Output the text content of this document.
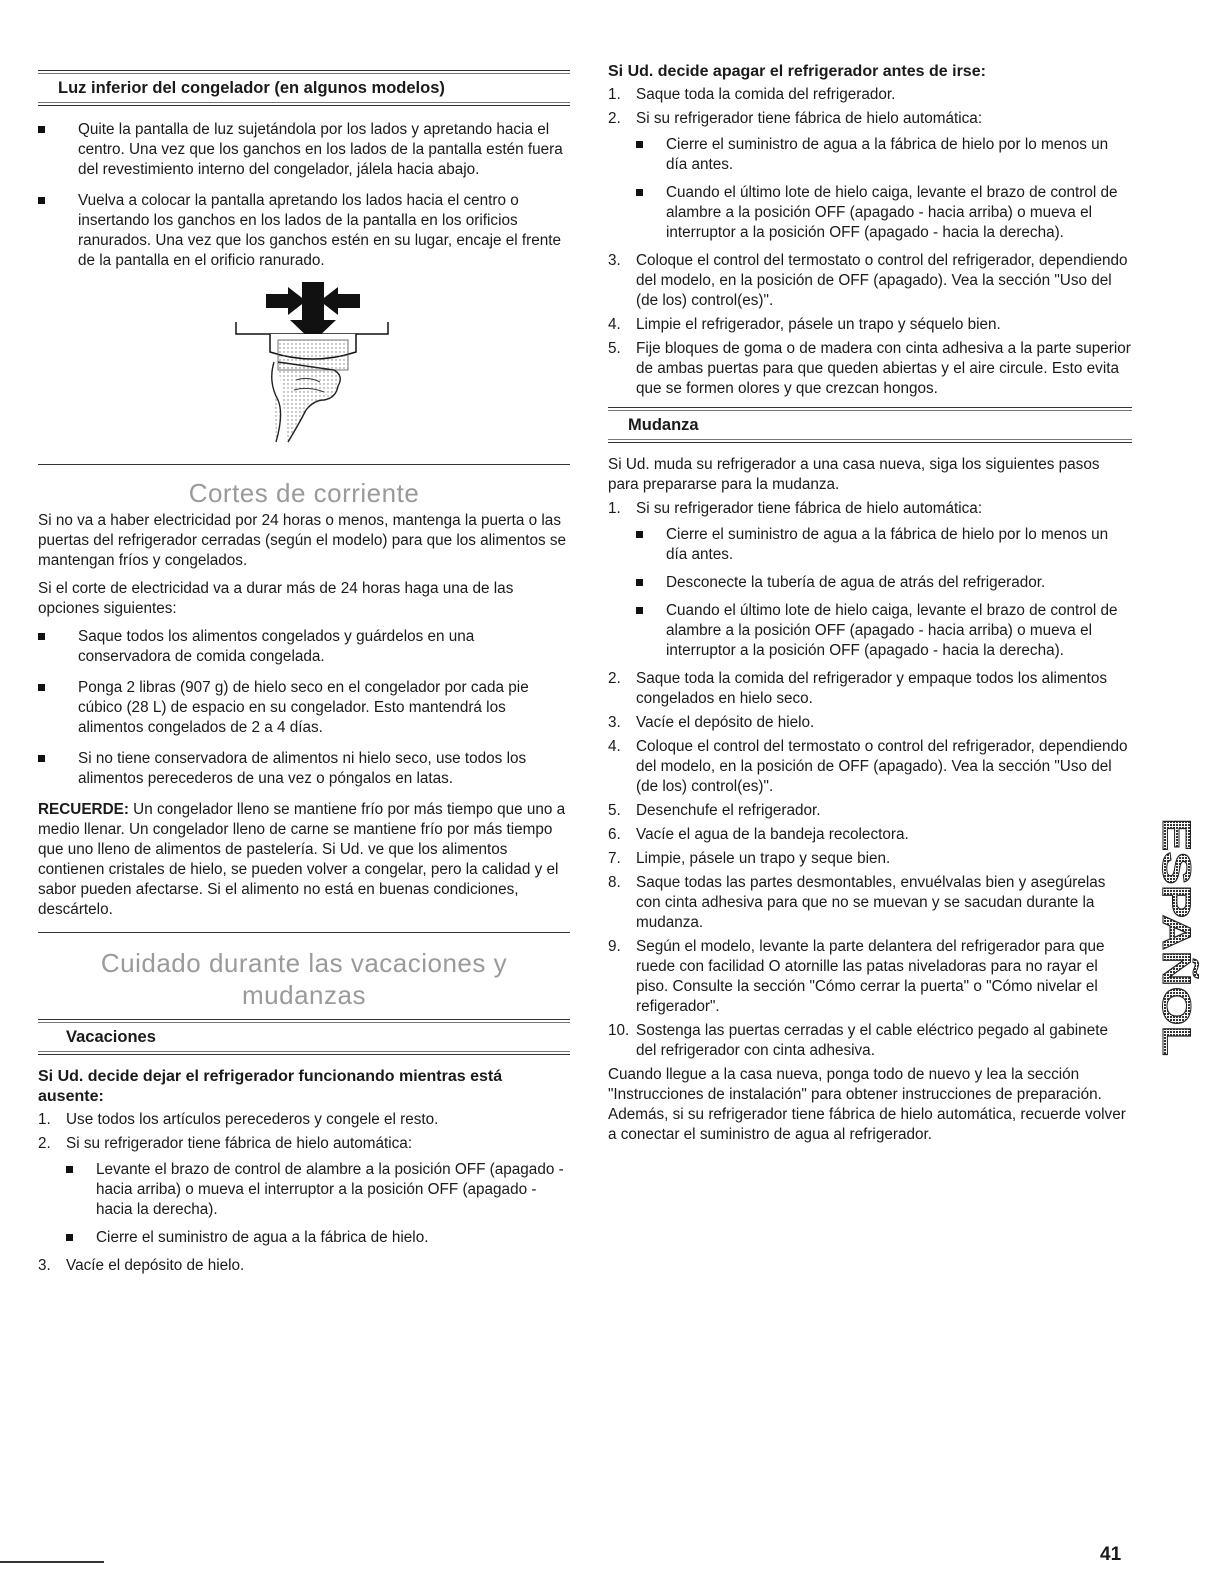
Luz inferior del congelador (en algunos modelos)
Quite la pantalla de luz sujetándola por los lados y apretando hacia el centro. Una vez que los ganchos en los lados de la pantalla estén fuera del revestimiento interno del congelador, jálela hacia abajo.
Vuelva a colocar la pantalla apretando los lados hacia el centro o insertando los ganchos en los lados de la pantalla en los orificios ranurados. Una vez que los ganchos estén en su lugar, encaje el frente de la pantalla en el orificio ranurado.
Cortes de corriente

Si no va a haber electricidad por 24 horas o menos, mantenga la puerta o las puertas del refrigerador cerradas (según el modelo) para que los alimentos se mantengan fríos y congelados.

Si el corte de electricidad va a durar más de 24 horas haga una de las opciones siguientes:

Saque todos los alimentos congelados y guárdelos en una conservadora de comida congelada.
Ponga 2 libras (907 g) de hielo seco en el congelador por cada pie cúbico (28 L) de espacio en su congelador. Esto mantendrá los alimentos congelados de 2 a 4 días.
Si no tiene conservadora de alimentos ni hielo seco, use todos los alimentos perecederos de una vez o póngalos en latas.

RECUERDE: Un congelador lleno se mantiene frío por más tiempo que uno a medio llenar. Un congelador lleno de carne se mantiene frío por más tiempo que uno lleno de alimentos de pastelería. Si Ud. ve que los alimentos contienen cristales de hielo, se pueden volver a congelar, pero la calidad y el sabor pueden afectarse. Si el alimento no está en buenas condiciones, descártelo.

Cuidado durante las vacaciones y
mudanzas
Vacaciones

Si Ud. decide dejar el refrigerador funcionando mientras está ausente:

1. Use todos los artículos perecederos y congele el resto.
2. Si su refrigerador tiene fábrica de hielo automática:
Levante el brazo de control de alambre a la posición OFF (apagado - hacia arriba) o mueva el interruptor a la posición OFF (apagado - hacia la derecha).
Cierre el suministro de agua a la fábrica de hielo.
3. Vacíe el depósito de hielo.

Si Ud. decide apagar el refrigerador antes de irse:

1. Saque toda la comida del refrigerador.
2. Si su refrigerador tiene fábrica de hielo automática:
Cierre el suministro de agua a la fábrica de hielo por lo menos un día antes.
Cuando el último lote de hielo caiga, levante el brazo de control de alambre a la posición OFF (apagado - hacia arriba) o mueva el interruptor a la posición OFF (apagado - hacia la derecha).
3. Coloque el control del termostato o control del refrigerador, dependiendo del modelo, en la posición de OFF (apagado). Vea la sección "Uso del (de los) control(es)".
4. Limpie el refrigerador, pásele un trapo y séquelo bien.
5. Fije bloques de goma o de madera con cinta adhesiva a la parte superior de ambas puertas para que queden abiertas y el aire circule. Esto evita que se formen olores y que crezcan hongos.
Mudanza

Si Ud. muda su refrigerador a una casa nueva, siga los siguientes pasos para prepararse para la mudanza.

1. Si su refrigerador tiene fábrica de hielo automática:
Cierre el suministro de agua a la fábrica de hielo por lo menos un día antes.
Desconecte la tubería de agua de atrás del refrigerador.
Cuando el último lote de hielo caiga, levante el brazo de control de alambre a la posición OFF (apagado - hacia arriba) o mueva el interruptor a la posición OFF (apagado - hacia la derecha).
2. Saque toda la comida del refrigerador y empaque todos los alimentos congelados en hielo seco.
3. Vacíe el depósito de hielo.
4. Coloque el control del termostato o control del refrigerador, dependiendo del modelo, en la posición de OFF (apagado). Vea la sección "Uso del (de los) control(es)".
5. Desenchufe el refrigerador.
6. Vacíe el agua de la bandeja recolectora.
7. Limpie, pásele un trapo y seque bien.
8. Saque todas las partes desmontables, envuélvalas bien y asegúrelas con cinta adhesiva para que no se muevan y se sacudan durante la mudanza.
9. Según el modelo, levante la parte delantera del refrigerador para que ruede con facilidad O atornille las patas niveladoras para no rayar el piso. Consulte la sección "Cómo cerrar la puerta" o "Cómo nivelar el refigerador".
10. Sostenga las puertas cerradas y el cable eléctrico pegado al gabinete del refrigerador con cinta adhesiva.

Cuando llegue a la casa nueva, ponga todo de nuevo y lea la sección "Instrucciones de instalación" para obtener instrucciones de preparación. Además, si su refrigerador tiene fábrica de hielo automática, recuerde volver a conectar el suministro de agua al refrigerador.

ESPAÑOL
41
